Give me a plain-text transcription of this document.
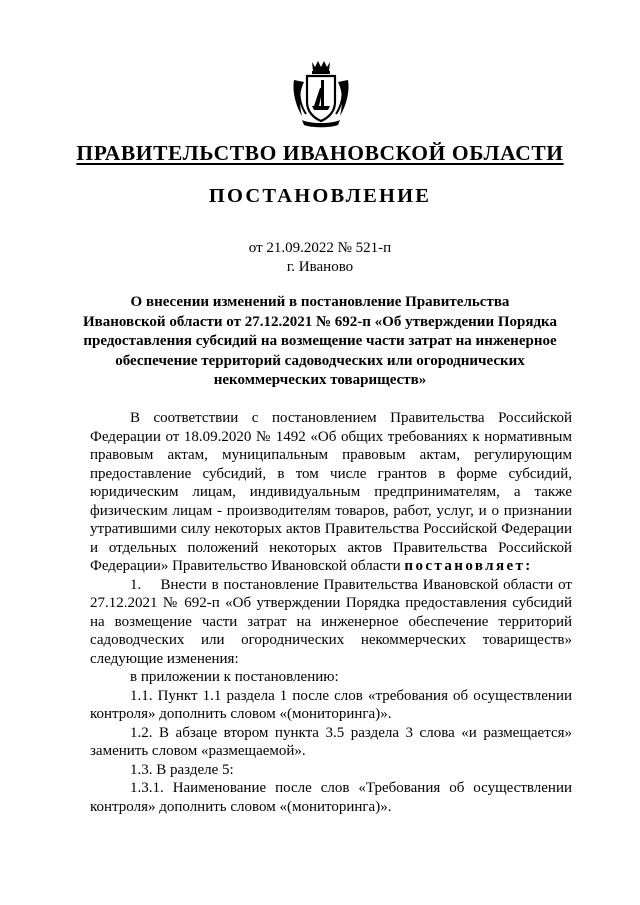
ПРАВИТЕЛЬСТВО ИВАНОВСКОЙ ОБЛАСТИ
ПОСТАНОВЛЕНИЕ
от 21.09.2022 № 521-п
г. Иваново
О внесении изменений в постановление Правительства
Ивановской области от 27.12.2021 № 692-п «Об утверждении Порядка
предоставления субсидий на возмещение части затрат на инженерное
обеспечение территорий садоводческих или огороднических
некоммерческих товариществ»

В соответствии с постановлением Правительства Российской Федерации от 18.09.2020 № 1492 «Об общих требованиях к нормативным правовым актам, муниципальным правовым актам, регулирующим предоставление субсидий, в том числе грантов в форме субсидий, юридическим лицам, индивидуальным предпринимателям, а также физическим лицам - производителям товаров, работ, услуг, и о признании утратившими силу некоторых актов Правительства Российской Федерации и отдельных положений некоторых актов Правительства Российской Федерации» Правительство Ивановской области постановляет:

1.    Внести в постановление Правительства Ивановской области от 27.12.2021 № 692-п «Об утверждении Порядка предоставления субсидий на возмещение части затрат на инженерное обеспечение территорий садоводческих или огороднических некоммерческих товариществ» следующие изменения:

в приложении к постановлению:

1.1. Пункт 1.1 раздела 1 после слов «требования об осуществлении контроля» дополнить словом «(мониторинга)».

1.2. В абзаце втором пункта 3.5 раздела 3 слова «и размещается» заменить словом «размещаемой».

1.3. В разделе 5:

1.3.1. Наименование после слов «Требования об осуществлении контроля» дополнить словом «(мониторинга)».
